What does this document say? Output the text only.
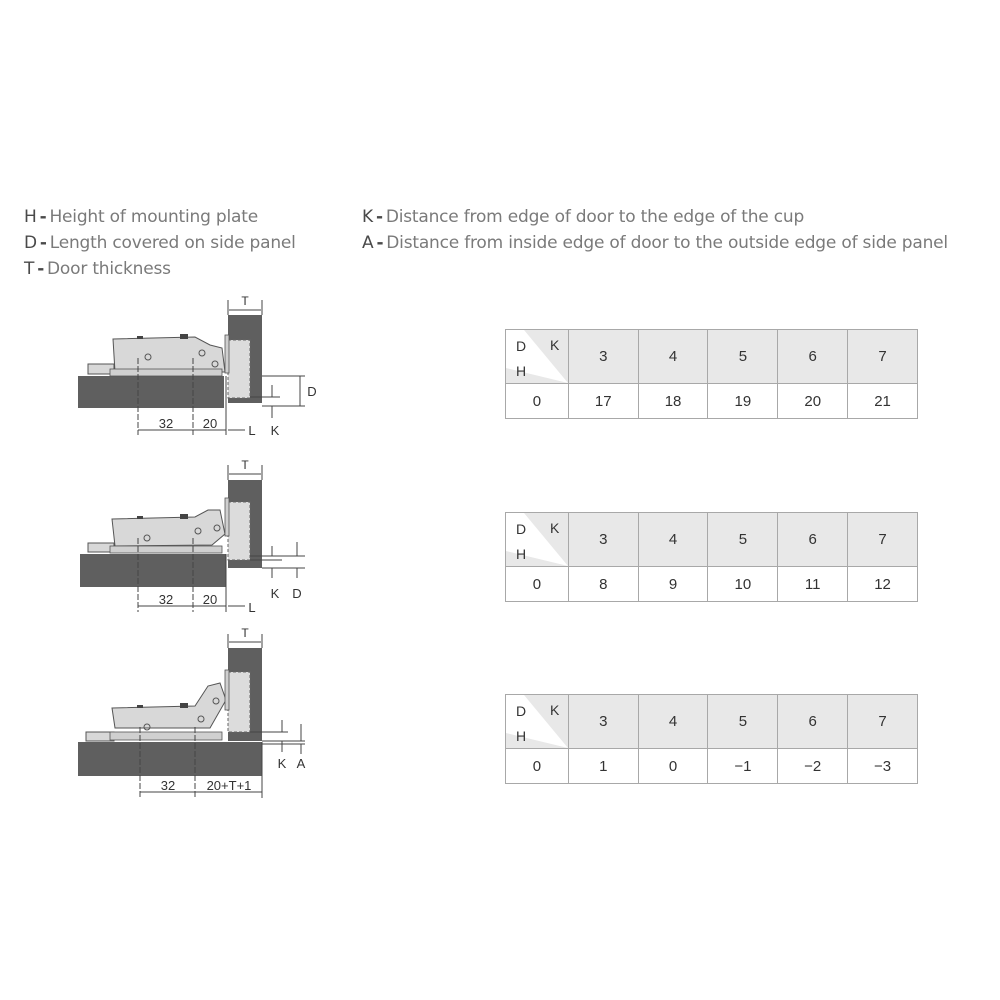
H - Height of mounting plate
D - Length covered on side panel
T - Door thickness
K - Distance from edge of door to the edge of the cup
A - Distance from inside edge of door to the outside edge of side panel
T
32 20 L
D
K
T
32 20
L
K D
T
32 20+T+1
K A
D K
H	3	4	5	6	7
0	17	18	19	20	21
D K
H	3	4	5	6	7
0	8	9	10	11	12
D K
H	3	4	5	6	7
0	1	0	−1	−2	−3
